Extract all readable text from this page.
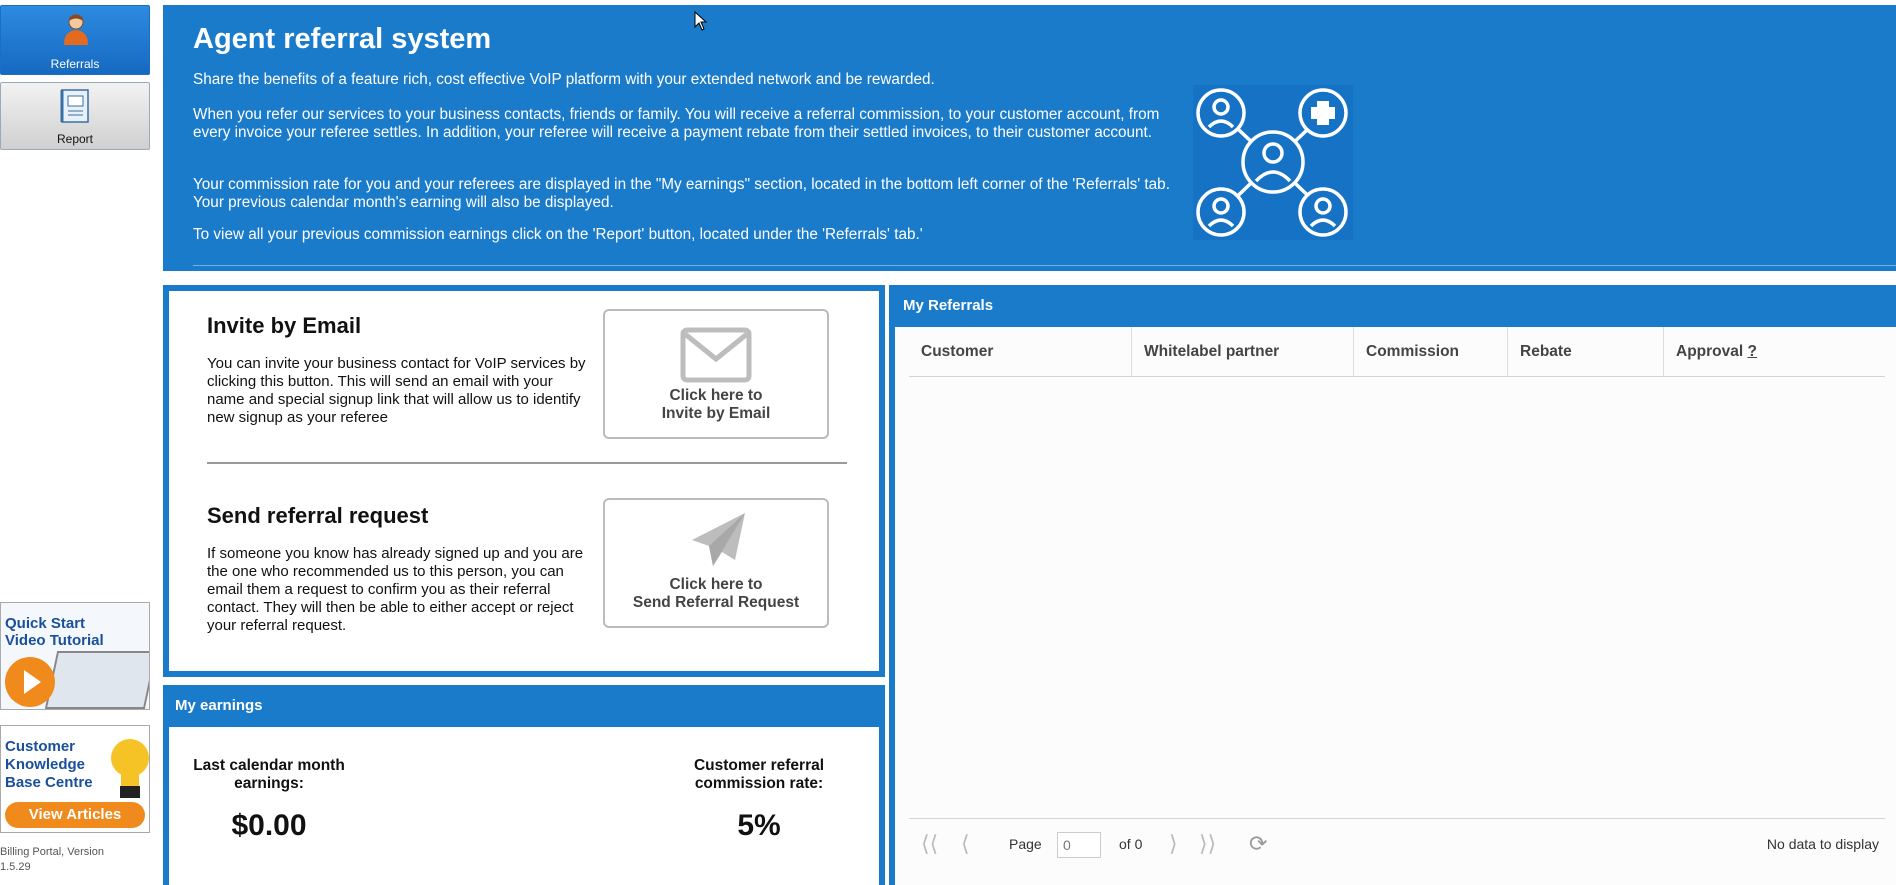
Referrals
Report
Quick Start
Video Tutorial
Customer
Knowledge
Base Centre
View Articles
Billing Portal, Version
1.5.29
Agent referral system

Share the benefits of a feature rich, cost effective VoIP platform with your extended network and be rewarded.

When you refer our services to your business contacts, friends or family. You will receive a referral commission, to your customer account, from every invoice your referee settles. In addition, your referee will receive a payment rebate from their settled invoices, to their customer account.

Your commission rate for you and your referees are displayed in the "My earnings" section, located in the bottom left corner of the 'Referrals' tab. Your previous calendar month's earning will also be displayed.

To view all your previous commission earnings click on the 'Report' button, located under the 'Referrals' tab.'

Invite by Email

You can invite your business contact for VoIP services by clicking this button. This will send an email with your name and special signup link that will allow us to identify new signup as your referee

Click here to
Invite by Email
Send referral request

If someone you know has already signed up and you are the one who recommended us to this person, you can email them a request to confirm you as their referral contact. They will then be able to either accept or reject your referral request.

Click here to
Send Referral Request
My earnings
Last calendar month
earnings:
$0.00
Customer referral
commission rate:
5%
My Referrals
Customer	Whitelabel partner	Commission	Rebate	Approval ?
⟨⟨ ⟨	Page
0	of 0 ⟩ ⟩⟩ ⟳	No data to display
